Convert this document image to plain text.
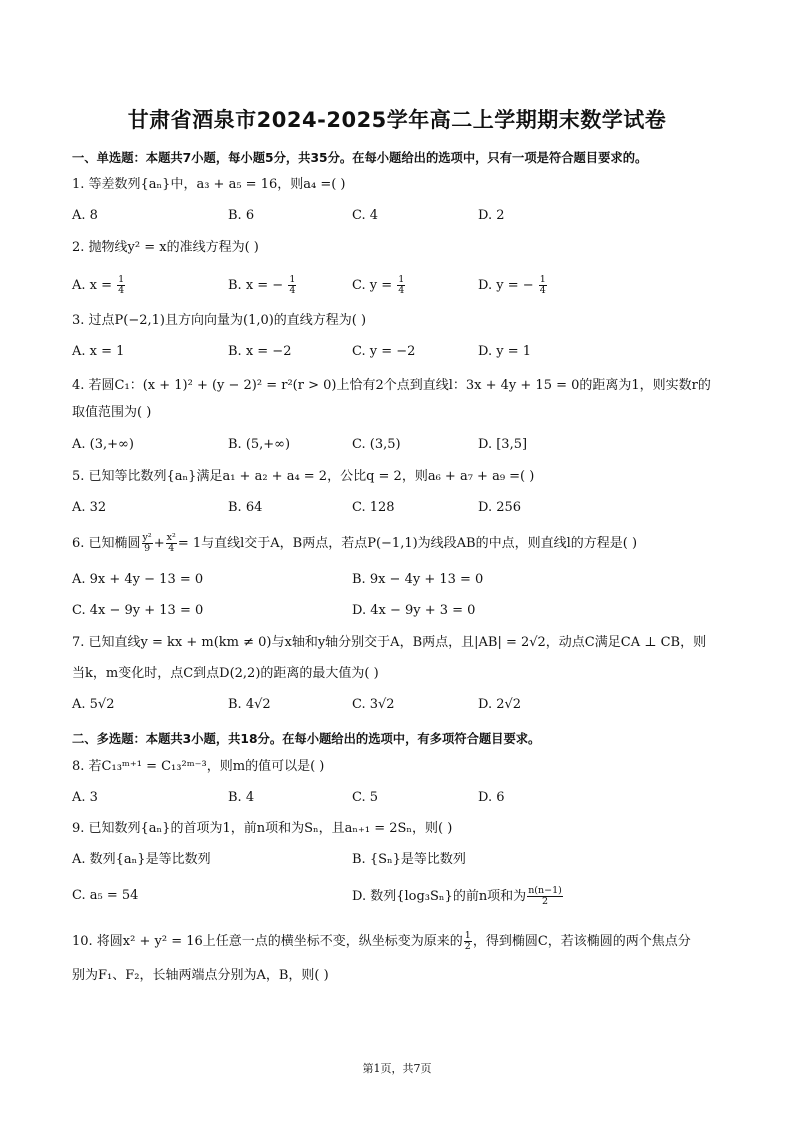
甘肃省酒泉市2024-2025学年高二上学期期末数学试卷
一、单选题：本题共7小题，每小题5分，共35分。在每小题给出的选项中，只有一项是符合题目要求的。
1. 等差数列{aₙ}中，a₃ + a₅ = 16，则a₄ =( )
A. 8	B. 6	C. 4	D. 2
2. 抛物线y² = x的准线方程为( )
A. $x = \frac{1}{4}$	B. x = − $\frac{1}{4}$	C. $y = \frac{1}{4}$	D. y = − $\frac{1}{4}$
3. 过点P(−2,1)且方向向量为(1,0)的直线方程为( )
A. x = 1	B. x = −2	C. y = −2	D. y = 1
4. 若圆C₁：(x + 1)² + (y − 2)² = r²(r > 0)上恰有2个点到直线l：3x + 4y + 15 = 0的距离为1，则实数r的
取值范围为( )
A. (3,+∞)	B. (5,+∞)	C. (3,5)	D. [3,5]
5. 已知等比数列{aₙ}满足a₁ + a₂ + a₄ = 2，公比q = 2，则a₆ + a₇ + a₉ =( )
A. 32	B. 64	C. 128	D. 256
6. 已知椭圆 $\frac{\text{y²}}{9} + \frac{\text{x²}}{4} = 1$与直线l交于A，B两点，若点P(−1,1)为线段AB的中点，则直线l的方程是( )
A. 9x + 4y − 13 = 0	B. 9x − 4y + 13 = 0
C. 4x − 9y + 13 = 0	D. 4x − 9y + 3 = 0
7. 已知直线y = kx + m(km ≠ 0)与x轴和y轴分别交于A，B两点，且|AB| = 2√2，动点C满足CA ⊥ CB，则
当k，m变化时，点C到点D(2,2)的距离的最大值为( )
A. 5√2	B. 4√2	C. 3√2	D. 2√2
二、多选题：本题共3小题，共18分。在每小题给出的选项中，有多项符合题目要求。
8. 若C₁₃ᵐ⁺¹ = C₁₃²ᵐ⁻³，则m的值可以是( )
A. 3	B. 4	C. 5	D. 6
9. 已知数列{aₙ}的首项为1，前n项和为Sₙ，且aₙ₊₁ = 2Sₙ，则( )
A. 数列{aₙ}是等比数列	B. {Sₙ}是等比数列
C. a₅ = 54	D. 数列{log₃Sₙ}的前n项和为 $\frac{n(n-1)}{2}$
10. 将圆x² + y² = 16上任意一点的横坐标不变，纵坐标变为原来的 $\frac{1}{2}$ ，得到椭圆C，若该椭圆的两个焦点分
别为F₁、F₂，长轴两端点分别为A，B，则( )
第1页，共7页
